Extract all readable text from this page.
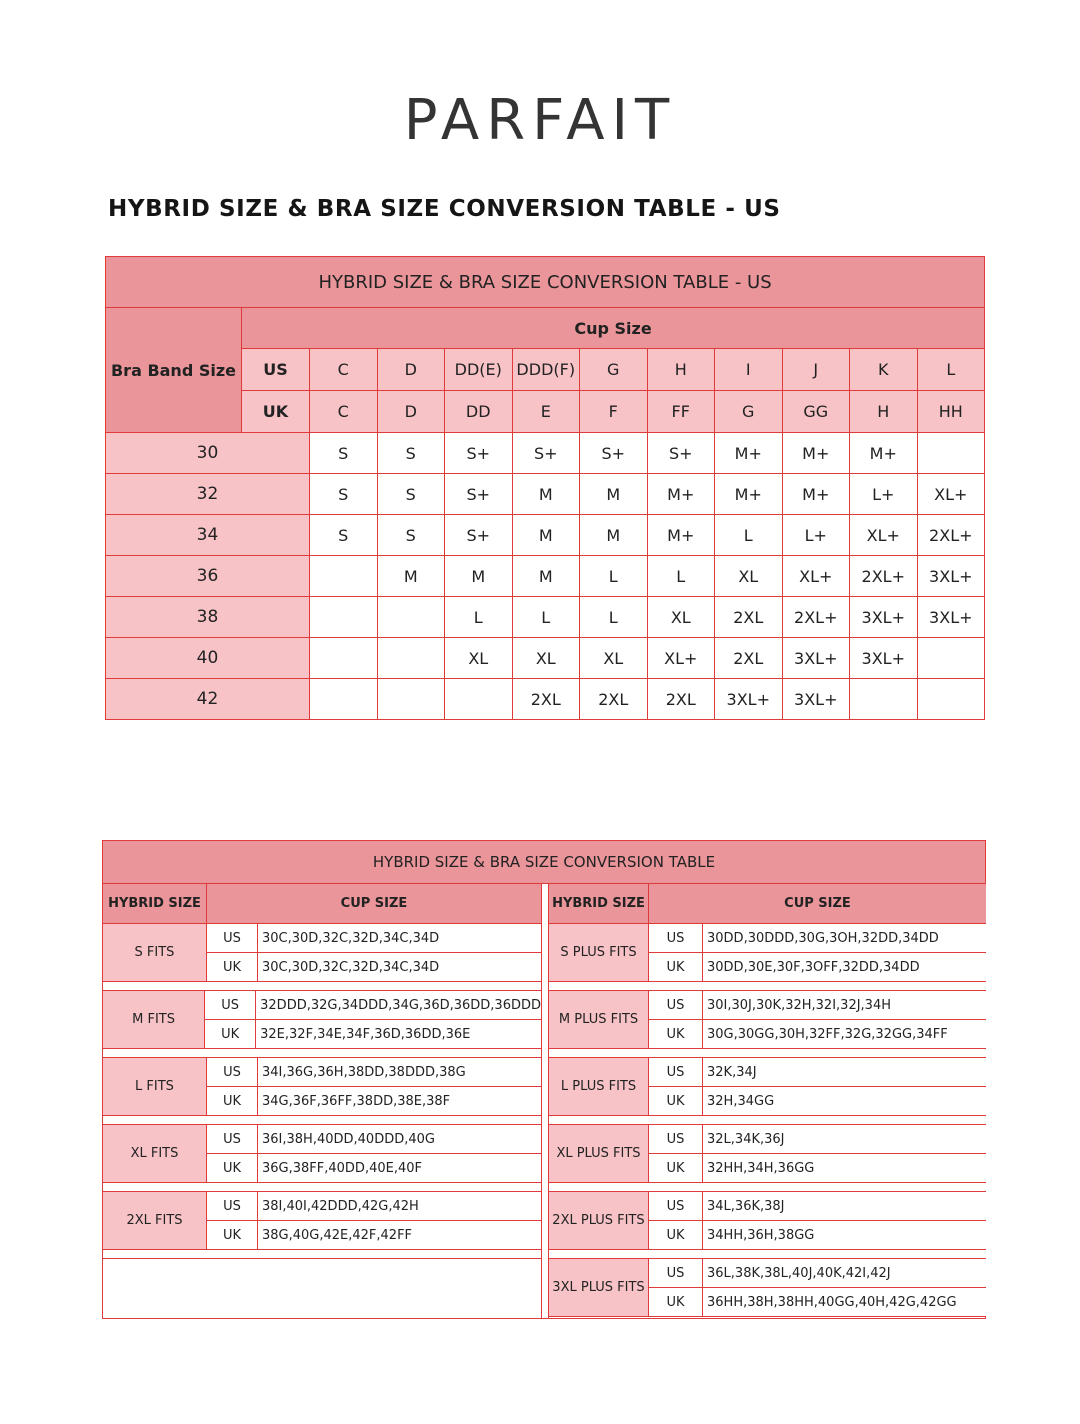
PARFAIT
HYBRID SIZE & BRA SIZE CONVERSION TABLE - US
HYBRID SIZE & BRA SIZE CONVERSION TABLE - US											
Bra Band Size	Cup Size										
	US	C	D	DD(E)	DDD(F)	G	H	I	J	K	L
	UK	C	D	DD	E	F	FF	G	GG	H	HH
30		S	S	S+	S+	S+	S+	M+	M+	M+	
32		S	S	S+	M	M	M+	M+	M+	L+	XL+
34		S	S	S+	M	M	M+	L	L+	XL+	2XL+
36			M	M	M	L	L	XL	XL+	2XL+	3XL+
38				L	L	L	XL	2XL	2XL+	3XL+	3XL+
40				XL	XL	XL	XL+	2XL	3XL+	3XL+	
42					2XL	2XL	2XL	3XL+	3XL+		
HYBRID SIZE & BRA SIZE CONVERSION TABLE
HYBRID SIZE	CUP SIZE
S FITS
US	30C,30D,32C,32D,34C,34D
UK	30C,30D,32C,32D,34C,34D
M FITS
US	32DDD,32G,34DDD,34G,36D,36DD,36DDD
UK	32E,32F,34E,34F,36D,36DD,36E
L FITS
US	34I,36G,36H,38DD,38DDD,38G
UK	34G,36F,36FF,38DD,38E,38F
XL FITS
US	36I,38H,40DD,40DDD,40G
UK	36G,38FF,40DD,40E,40F
2XL FITS
US	38I,40I,42DDD,42G,42H
UK	38G,40G,42E,42F,42FF
HYBRID SIZE	CUP SIZE
S PLUS FITS
US	30DD,30DDD,30G,3OH,32DD,34DD
UK	30DD,30E,30F,3OFF,32DD,34DD
M PLUS FITS
US	30I,30J,30K,32H,32I,32J,34H
UK	30G,30GG,30H,32FF,32G,32GG,34FF
L PLUS FITS
US	32K,34J
UK	32H,34GG
XL PLUS FITS
US	32L,34K,36J
UK	32HH,34H,36GG
2XL PLUS FITS
US	34L,36K,38J
UK	34HH,36H,38GG
3XL PLUS FITS
US	36L,38K,38L,40J,40K,42I,42J
UK	36HH,38H,38HH,40GG,40H,42G,42GG
